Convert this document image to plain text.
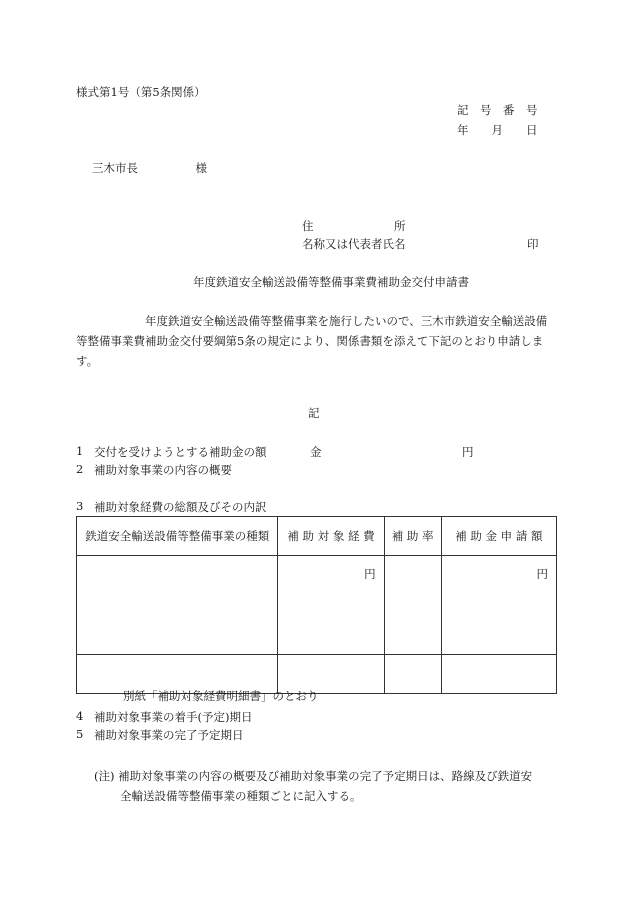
様式第1号（第5条関係）
記　号　番　号
年　　月　　日
三木市長　　　　　様
住　　　　　　　所
名称又は代表者氏名	印
年度鉄道安全輸送設備等整備事業費補助金交付申請書
　　　　　　年度鉄道安全輸送設備等整備事業を施行したいので、三木市鉄道安全輸送設備等整備事業費補助金交付要綱第5条の規定により、関係書類を添えて下記のとおり申請します。
記
1 交付を受けようとする補助金の額	金	円
2 補助対象事業の内容の概要
3 補助対象経費の総額及びその内訳
鉄道安全輸送設備等整備事業の種類	補 助 対 象 経 費	補 助 率	補 助 金 申 請 額
	円		円

別紙「補助対象経費明細書」のとおり
4 補助対象事業の着手(予定)期日
5 補助対象事業の完了予定期日
(注) 補助対象事業の内容の概要及び補助対象事業の完了予定期日は、路線及び鉄道安
全輸送設備等整備事業の種類ごとに記入する。
